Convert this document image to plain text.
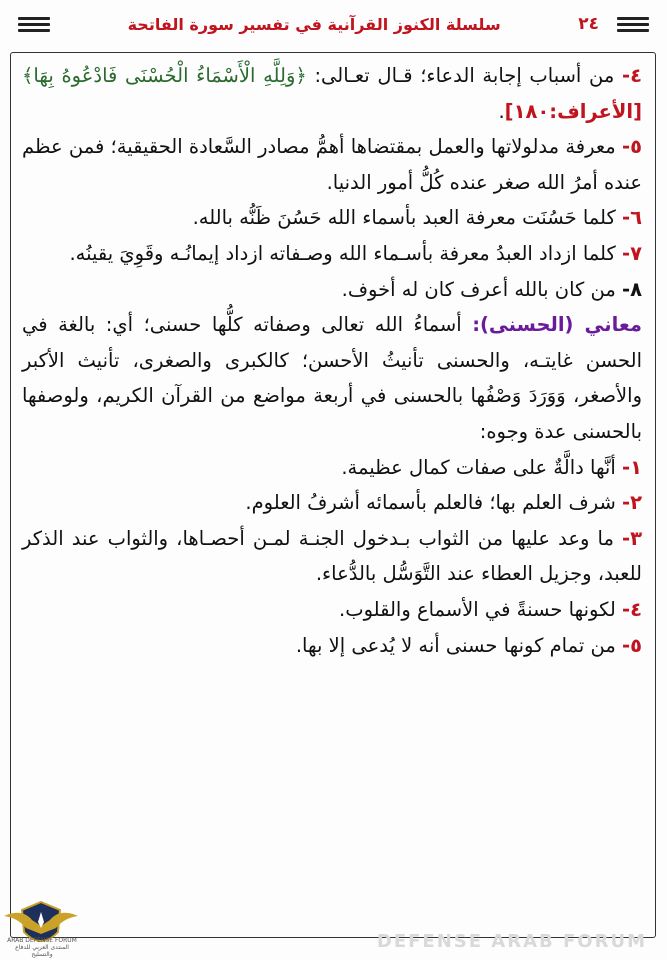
٢٤
سلسلة الكنوز القرآنية في تفسير سورة الفاتحة

٤- من أسباب إجابة الدعاء؛ قـال تعـالى: ﴿وَلِلَّهِ الْأَسْمَاءُ الْحُسْنَى فَادْعُوهُ بِهَا﴾ [الأعراف:١٨٠].

٥- معرفة مدلولاتها والعمل بمقتضاها أهمُّ مصادر السَّعادة الحقيقية؛ فمن عظم عنده أمرُ الله صغر عنده كُلُّ أمور الدنيا.

٦- كلما حَسُنَت معرفة العبد بأسماء الله حَسُنَ ظَنُّه بالله.

٧- كلما ازداد العبدُ معرفة بأسـماء الله وصـفاته ازداد إيمانُـه وقَوِيَ يقينُه.

٨- من كان بالله أعرف كان له أخوف.

معاني (الحسنى): أسماءُ الله تعالى وصفاته كلُّها حسنى؛ أي: بالغة في الحسن غايتـه، والحسنى تأنيثُ الأحسن؛ كالكبرى والصغرى، تأنيث الأكبر والأصغر، وَوَرَدَ وَصْفُها بالحسنى في أربعة مواضع من القرآن الكريم، ولوصفها بالحسنى عدة وجوه:

١- أنَّها دالَّةٌ على صفات كمال عظيمة.

٢- شرف العلم بها؛ فالعلم بأسمائه أشرفُ العلوم.

٣- ما وعد عليها من الثواب بـدخول الجنـة لمـن أحصـاها، والثواب عند الذكر للعبد، وجزيل العطاء عند التَّوَسُّل بالدُّعاء.

٤- لكونها حسنةً في الأسماع والقلوب.

٥- من تمام كونها حسنى أنه لا يُدعى إلا بها.

DEFENSE ARAB FORUM
ARAB DEFENSE FORUM
المنتدى العربي للدفاع والتسليح
